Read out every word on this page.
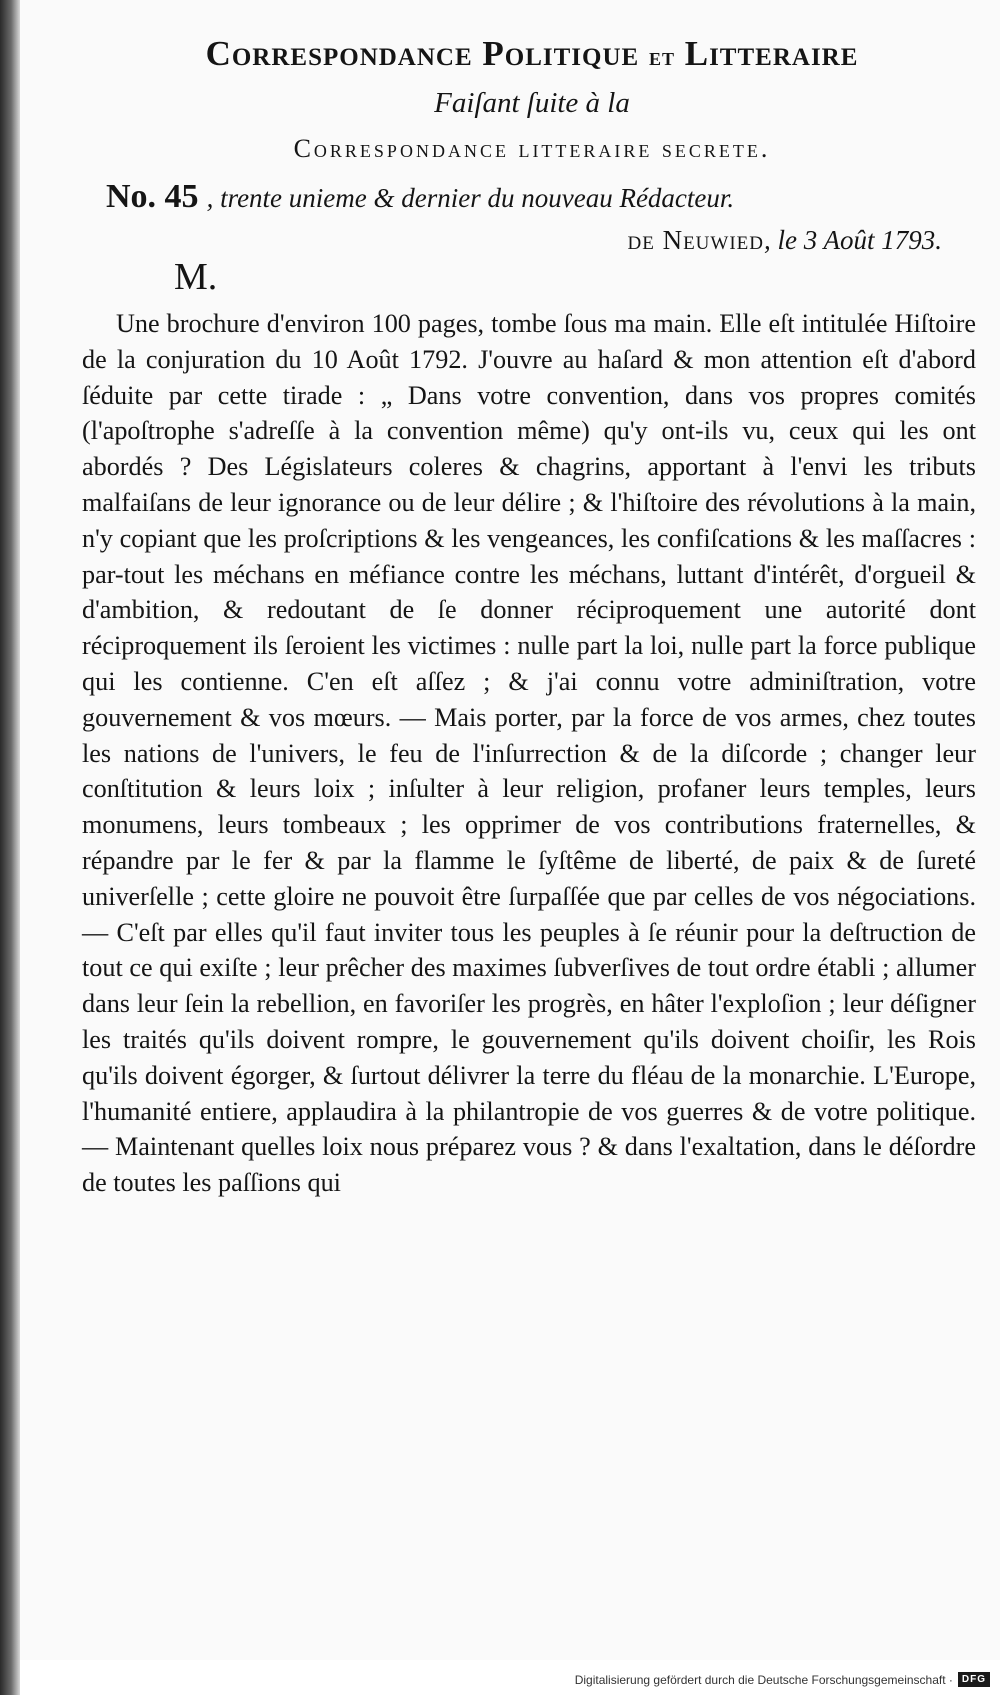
Correspondance Politique et Litteraire
Faiſant ſuite à la
Correspondance litteraire secrete.
No. 45 , trente unieme & dernier du nouveau Rédacteur.
de Neuwied, le 3 Août 1793.
M.

Une brochure d'environ 100 pages, tombe ſous ma main. Elle eſt intitulée Hiſtoire de la conjuration du 10 Août 1792. J'ouvre au haſard & mon attention eſt d'abord ſéduite par cette tirade : „ Dans votre convention, dans vos propres comités (l'apoſtrophe s'adreſſe à la convention même) qu'y ont-ils vu, ceux qui les ont abordés ? Des Législateurs coleres & chagrins, apportant à l'envi les tributs malfaiſans de leur ignorance ou de leur délire ; & l'hiſtoire des révolutions à la main, n'y copiant que les proſcriptions & les vengeances, les confiſcations & les maſſacres : par-tout les méchans en méfiance contre les méchans, luttant d'intérêt, d'orgueil & d'ambition, & redoutant de ſe donner réciproquement une autorité dont réciproquement ils ſeroient les victimes : nulle part la loi, nulle part la force publique qui les contienne. C'en eſt aſſez ; & j'ai connu votre adminiſtration, votre gouvernement & vos mœurs. — Mais porter, par la force de vos armes, chez toutes les nations de l'univers, le feu de l'inſurrection & de la diſcorde ; changer leur conſtitution & leurs loix ; inſulter à leur religion, profaner leurs temples, leurs monumens, leurs tombeaux ; les opprimer de vos contributions fraternelles, & répandre par le fer & par la flamme le ſyſtême de liberté, de paix & de ſureté univerſelle ; cette gloire ne pouvoit être ſurpaſſée que par celles de vos négociations. — C'eſt par elles qu'il faut inviter tous les peuples à ſe réunir pour la deſtruction de tout ce qui exiſte ; leur prêcher des maximes ſubverſives de tout ordre établi ; allumer dans leur ſein la rebellion, en favoriſer les progrès, en hâter l'exploſion ; leur déſigner les traités qu'ils doivent rompre, le gouvernement qu'ils doivent choiſir, les Rois qu'ils doivent égorger, & ſurtout délivrer la terre du fléau de la monarchie. L'Europe, l'humanité entiere, applaudira à la philantropie de vos guerres & de votre politique. — Maintenant quelles loix nous préparez vous ? & dans l'exaltation, dans le déſordre de toutes les paſſions qui

Digitalisierung gefördert durch die Deutsche Forschungsgemeinschaft · DFG
